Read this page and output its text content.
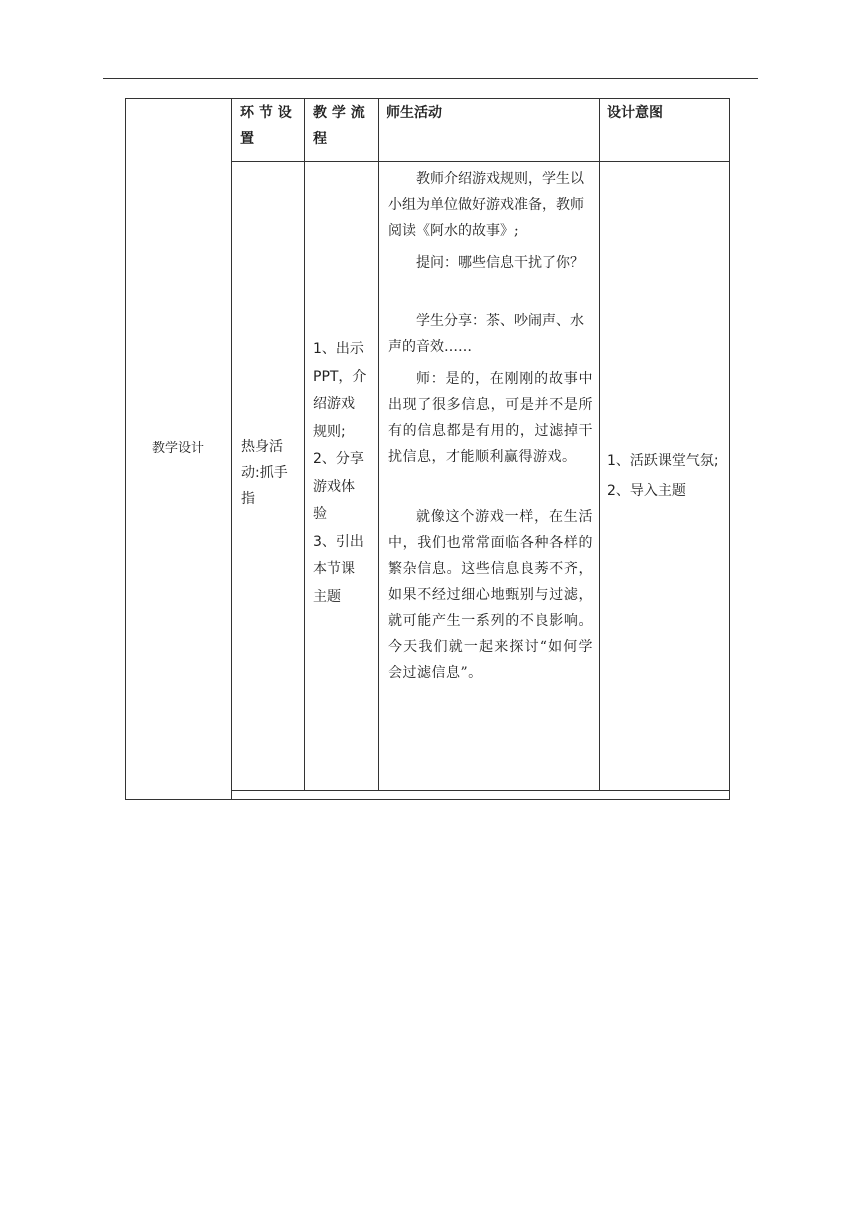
教学设计
环 节 设
置
教 学 流
程
师生活动	设计意图
热身活
动:抓手
指
1、出示
PPT，介
绍游戏
规则;
2、分享
游戏体
验
3、引出
本节课
主题

教师介绍游戏规则，学生以小组为单位做好游戏准备，教师阅读《阿水的故事》;

提问：哪些信息干扰了你？

学生分享：茶、吵闹声、水声的音效……

师：是的，在刚刚的故事中出现了很多信息，可是并不是所有的信息都是有用的，过滤掉干扰信息，才能顺利赢得游戏。

就像这个游戏一样，在生活中，我们也常常面临各种各样的繁杂信息。这些信息良莠不齐，如果不经过细心地甄别与过滤，就可能产生一系列的不良影响。今天我们就一起来探讨“如何学会过滤信息”。

1、活跃课堂气氛;
2、导入主题
